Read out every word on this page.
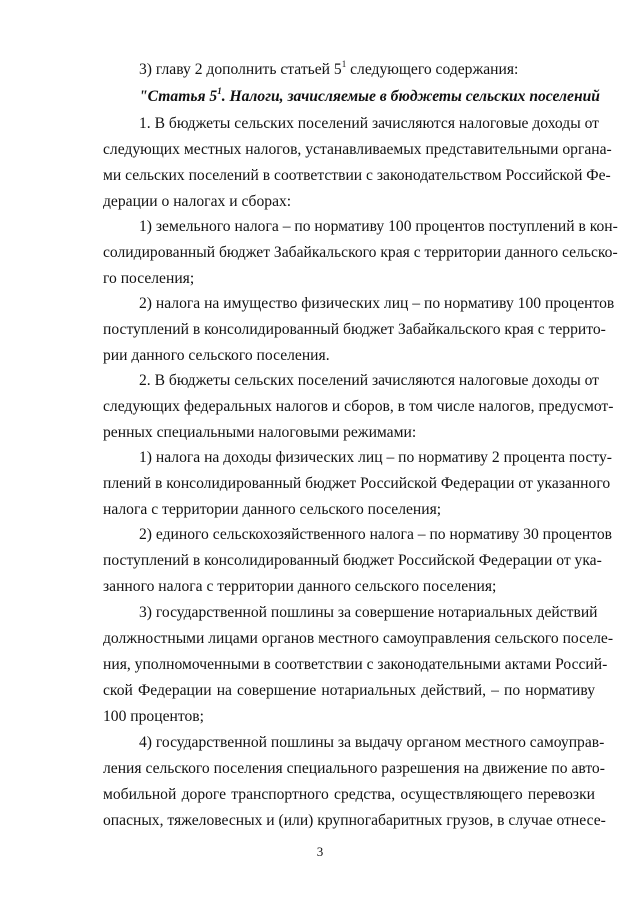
3) главу 2 дополнить статьей $5^1$ следующего содержания:
"Статья $5^1$. Налоги, зачисляемые в бюджеты сельских поселений
1. В бюджеты сельских поселений зачисляются налоговые доходы от
следующих местных налогов, устанавливаемых представительными органа-
ми сельских поселений в соответствии с законодательством Российской Фе-
дерации о налогах и сборах:
1) земельного налога – по нормативу 100 процентов поступлений в кон-
солидированный бюджет Забайкальского края с территории данного сельско-
го поселения;
2) налога на имущество физических лиц – по нормативу 100 процентов
поступлений в консолидированный бюджет Забайкальского края с террито-
рии данного сельского поселения.
2. В бюджеты сельских поселений зачисляются налоговые доходы от
следующих федеральных налогов и сборов, в том числе налогов, предусмот-
ренных специальными налоговыми режимами:
1) налога на доходы физических лиц – по нормативу 2 процента посту-
плений в консолидированный бюджет Российской Федерации от указанного
налога с территории данного сельского поселения;
2) единого сельскохозяйственного налога – по нормативу 30 процентов
поступлений в консолидированный бюджет Российской Федерации от ука-
занного налога с территории данного сельского поселения;
3) государственной пошлины за совершение нотариальных действий
должностными лицами органов местного самоуправления сельского поселе-
ния, уполномоченными в соответствии с законодательными актами Россий-
ской Федерации на совершение нотариальных действий, – по нормативу
100 процентов;
4) государственной пошлины за выдачу органом местного самоуправ-
ления сельского поселения специального разрешения на движение по авто-
мобильной дороге транспортного средства, осуществляющего перевозки
опасных, тяжеловесных и (или) крупногабаритных грузов, в случае отнесе-
3
